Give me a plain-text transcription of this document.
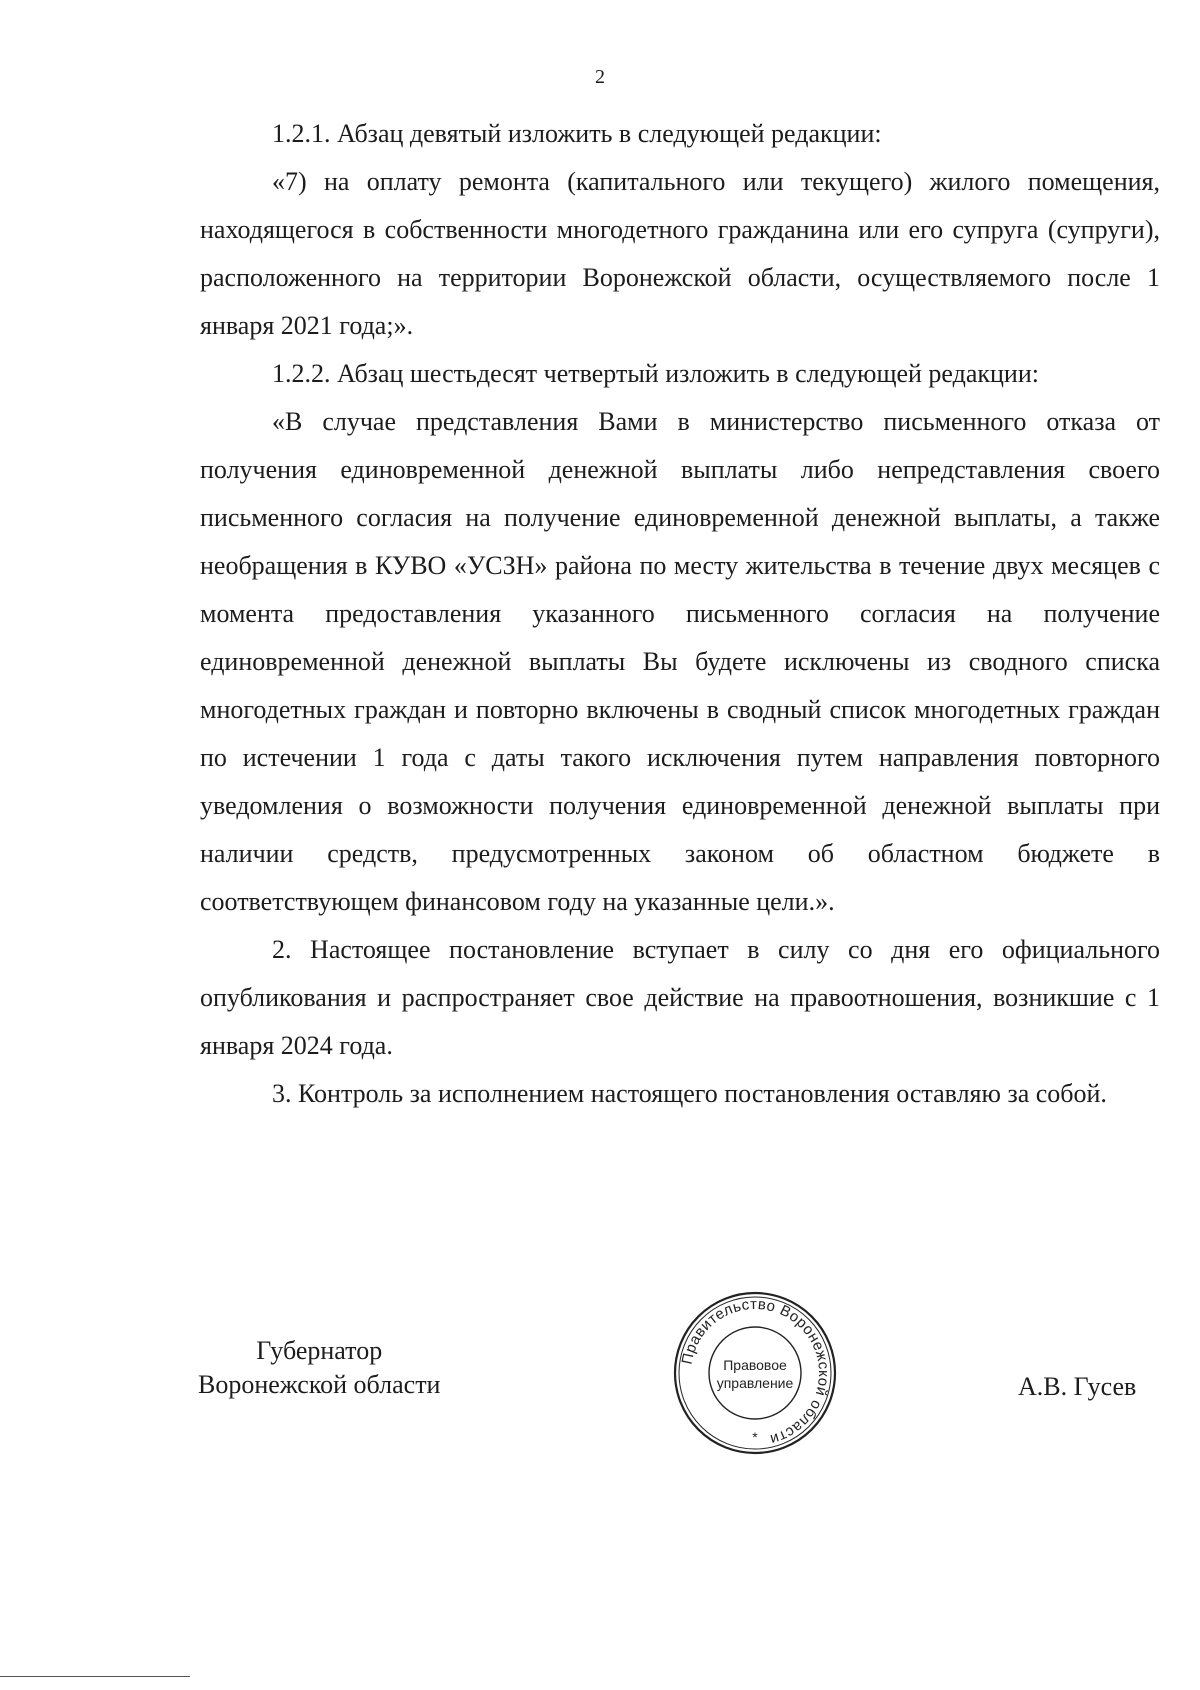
2

1.2.1. Абзац девятый изложить в следующей редакции:

«7) на оплату ремонта (капитального или текущего) жилого помещения, находящегося в собственности многодетного гражданина или его супруга (супруги), расположенного на территории Воронежской области, осуществляемого после 1 января 2021 года;».

1.2.2. Абзац шестьдесят четвертый изложить в следующей редакции:

«В случае представления Вами в министерство письменного отказа от получения единовременной денежной выплаты либо непредставления своего письменного согласия на получение единовременной денежной выплаты, а также необращения в КУВО «УСЗН» района по месту жительства в течение двух месяцев с момента предоставления указанного письменного согласия на получение единовременной денежной выплаты Вы будете исключены из сводного списка многодетных граждан и повторно включены в сводный список многодетных граждан по истечении 1 года с даты такого исключения путем направления повторного уведомления о возможности получения единовременной денежной выплаты при наличии средств, предусмотренных законом об областном бюджете в соответствующем финансовом году на указанные цели.».

2. Настоящее постановление вступает в силу со дня его официального опубликования и распространяет свое действие на правоотношения, возникшие с 1 января 2024 года.

3. Контроль за исполнением настоящего постановления оставляю за собой.

Губернатор
Воронежской области
Правительство Воронежской области
Правовое
управление
*
А.В. Гусев
